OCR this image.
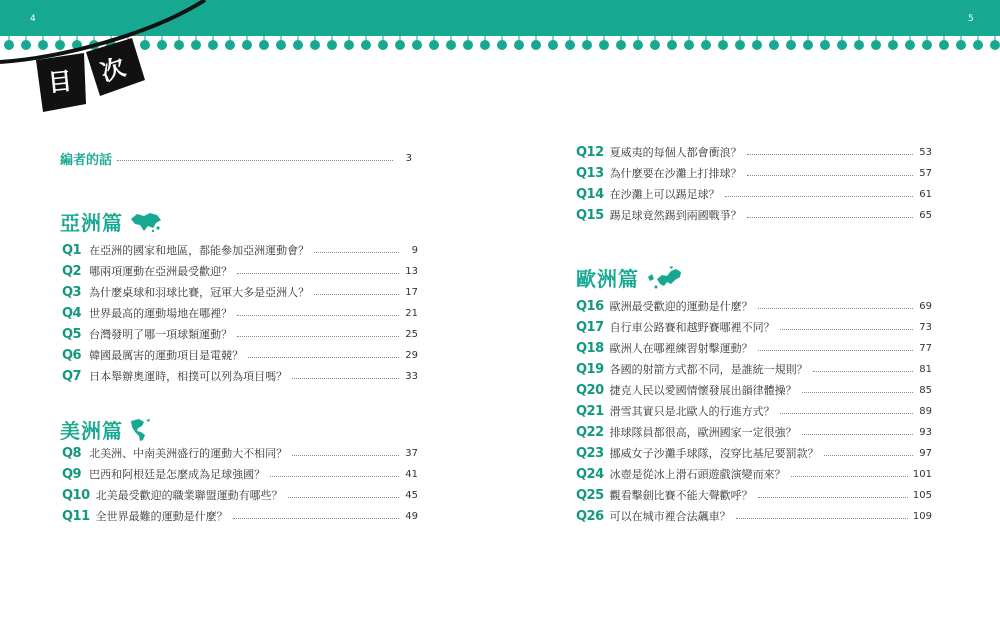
4	5
目 次
編者的話	3
亞洲篇
Q1 在亞洲的國家和地區，都能參加亞洲運動會？	9
Q2 哪兩項運動在亞洲最受歡迎？	13
Q3 為什麼桌球和羽球比賽，冠軍大多是亞洲人？	17
Q4 世界最高的運動場地在哪裡？	21
Q5 台灣發明了哪一項球類運動？	25
Q6 韓國最厲害的運動項目是電競？	29
Q7 日本舉辦奧運時，相撲可以列為項目嗎？	33
美洲篇
Q8 北美洲、中南美洲盛行的運動大不相同？	37
Q9 巴西和阿根廷是怎麼成為足球強國？	41
Q10 北美最受歡迎的職業聯盟運動有哪些？	45
Q11 全世界最難的運動是什麼？	49
Q12 夏威夷的每個人都會衝浪？	53
Q13 為什麼要在沙灘上打排球？	57
Q14 在沙灘上可以踢足球？	61
Q15 踢足球竟然踢到兩國戰爭？	65
歐洲篇
Q16 歐洲最受歡迎的運動是什麼？	69
Q17 自行車公路賽和越野賽哪裡不同？	73
Q18 歐洲人在哪裡練習射擊運動？	77
Q19 各國的射箭方式都不同，是誰統一規則？	81
Q20 捷克人民以愛國情懷發展出韻律體操？	85
Q21 滑雪其實只是北歐人的行進方式？	89
Q22 排球隊員都很高，歐洲國家一定很強？	93
Q23 挪威女子沙灘手球隊，沒穿比基尼要罰款？	97
Q24 冰壺是從冰上滑石頭遊戲演變而來？	101
Q25 觀看擊劍比賽不能大聲歡呼？	105
Q26 可以在城市裡合法飆車？	109
